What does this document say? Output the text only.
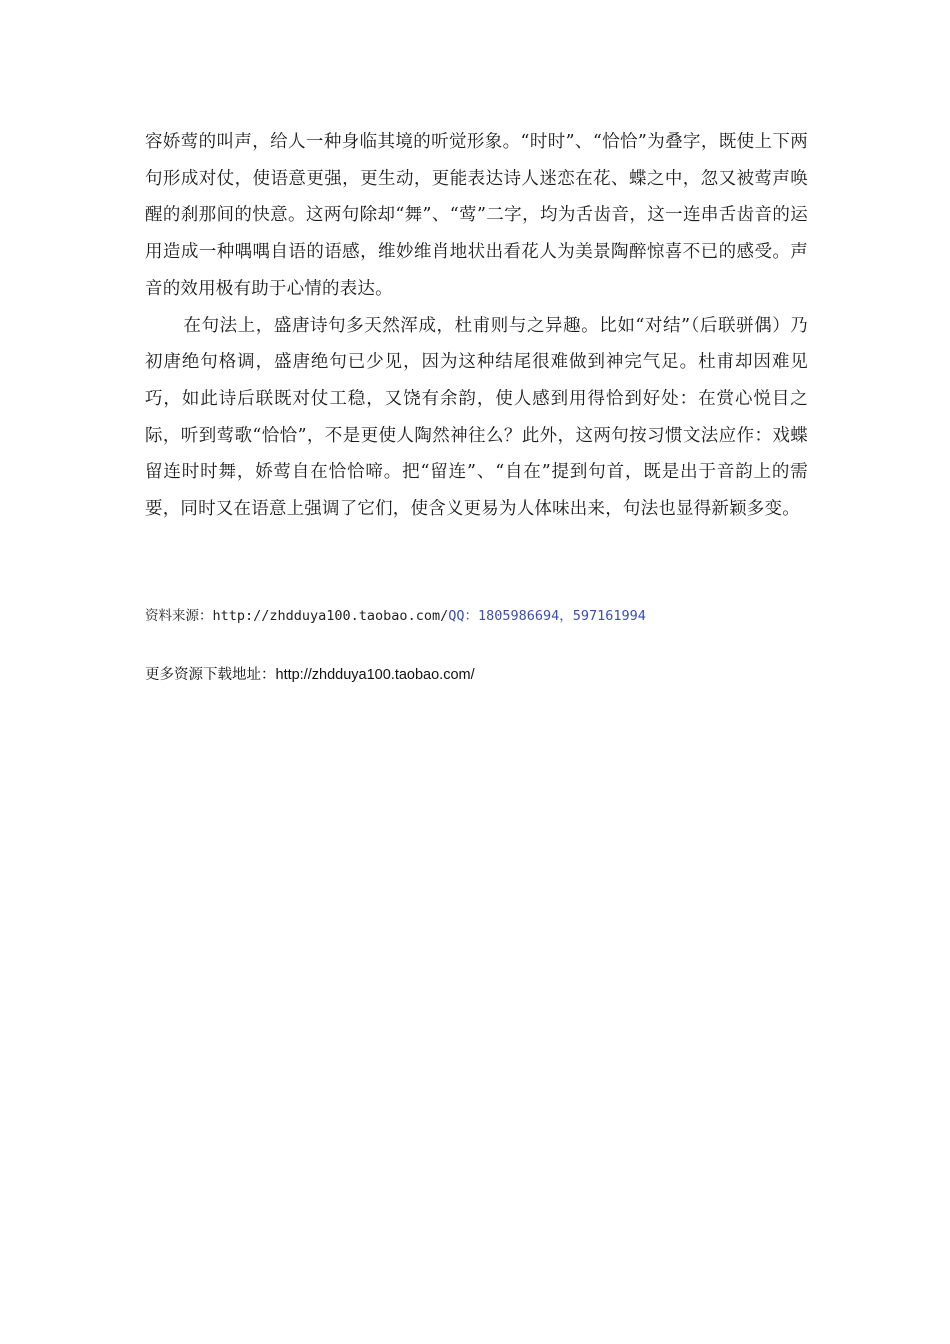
容娇莺的叫声，给人一种身临其境的听觉形象。“时时”、“恰恰”为叠字，既使上下两句形成对仗，使语意更强，更生动，更能表达诗人迷恋在花、蝶之中，忽又被莺声唤醒的刹那间的快意。这两句除却“舞”、“莺”二字，均为舌齿音，这一连串舌齿音的运用造成一种喁喁自语的语感，维妙维肖地状出看花人为美景陶醉惊喜不已的感受。声音的效用极有助于心情的表达。

在句法上，盛唐诗句多天然浑成，杜甫则与之异趣。比如“对结”（后联骈偶）乃初唐绝句格调，盛唐绝句已少见，因为这种结尾很难做到神完气足。杜甫却因难见巧，如此诗后联既对仗工稳，又饶有余韵，使人感到用得恰到好处：在赏心悦目之际，听到莺歌“恰恰”，不是更使人陶然神往么？此外，这两句按习惯文法应作：戏蝶留连时时舞，娇莺自在恰恰啼。把“留连”、“自在”提到句首，既是出于音韵上的需要，同时又在语意上强调了它们，使含义更易为人体味出来，句法也显得新颖多变。

资料来源：http://zhdduya100.taobao.com/QQ：1805986694，597161994
更多资源下载地址：http://zhdduya100.taobao.com/
